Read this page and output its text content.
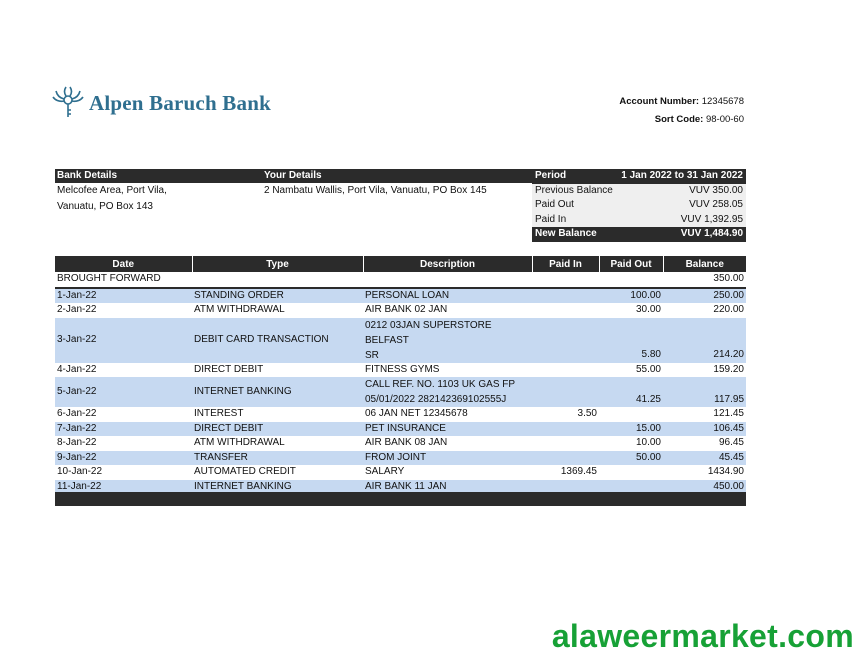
Alpen Baruch Bank	Account Number: 12345678
Sort Code: 98-00-60
Bank Details	Your Details
Melcofee Area, Port Vila,
Vanuatu, PO Box 143
2 Nambatu Wallis, Port Vila, Vanuatu, PO Box 145
Period	1 Jan 2022 to 31 Jan 2022
Previous Balance	VUV 350.00
Paid Out	VUV 258.05
Paid In	VUV 1,392.95
New Balance	VUV 1,484.90
Date	Type	Description	Paid In	Paid Out	Balance
BROUGHT FORWARD					350.00
1-Jan-22	STANDING ORDER	PERSONAL LOAN		100.00	250.00
2-Jan-22	ATM WITHDRAWAL	AIR BANK 02 JAN		30.00	220.00
3-Jan-22	DEBIT CARD TRANSACTION	0212 03JAN SUPERSTORE BELFAST
SR		5.80	214.20
4-Jan-22	DIRECT DEBIT	FITNESS GYMS		55.00	159.20
5-Jan-22	INTERNET BANKING	CALL REF. NO. 1103 UK GAS FP
05/01/2022 282142369102555J		41.25	117.95
6-Jan-22	INTEREST	06 JAN NET 12345678	3.50		121.45
7-Jan-22	DIRECT DEBIT	PET INSURANCE		15.00	106.45
8-Jan-22	ATM WITHDRAWAL	AIR BANK 08 JAN		10.00	96.45
9-Jan-22	TRANSFER	FROM JOINT		50.00	45.45
10-Jan-22	AUTOMATED CREDIT	SALARY	1369.45		1434.90
11-Jan-22	INTERNET BANKING	AIR BANK 11 JAN			450.00

alaweermarket.com
